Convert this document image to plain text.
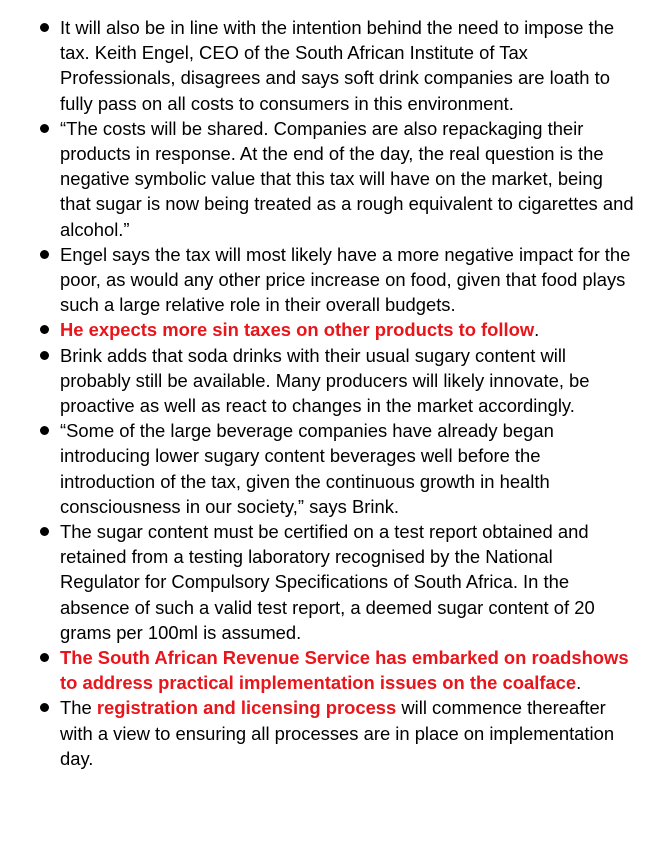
It will also be in line with the intention behind the need to impose the tax. Keith Engel, CEO of the South African Institute of Tax Professionals, disagrees and says soft drink companies are loath to fully pass on all costs to consumers in this environment.
“The costs will be shared. Companies are also repackaging their products in response. At the end of the day, the real question is the negative symbolic value that this tax will have on the market, being that sugar is now being treated as a rough equivalent to cigarettes and alcohol.”
Engel says the tax will most likely have a more negative impact for the poor, as would any other price increase on food, given that food plays such a large relative role in their overall budgets.
He expects more sin taxes on other products to follow.
Brink adds that soda drinks with their usual sugary content will probably still be available. Many producers will likely innovate, be proactive as well as react to changes in the market accordingly.
“Some of the large beverage companies have already began introducing lower sugary content beverages well before the introduction of the tax, given the continuous growth in health consciousness in our society,” says Brink.
The sugar content must be certified on a test report obtained and retained from a testing laboratory recognised by the National Regulator for Compulsory Specifications of South Africa. In the absence of such a valid test report, a deemed sugar content of 20 grams per 100ml is assumed.
The South African Revenue Service has embarked on roadshows to address practical implementation issues on the coalface.
The registration and licensing process will commence thereafter with a view to ensuring all processes are in place on implementation day.
